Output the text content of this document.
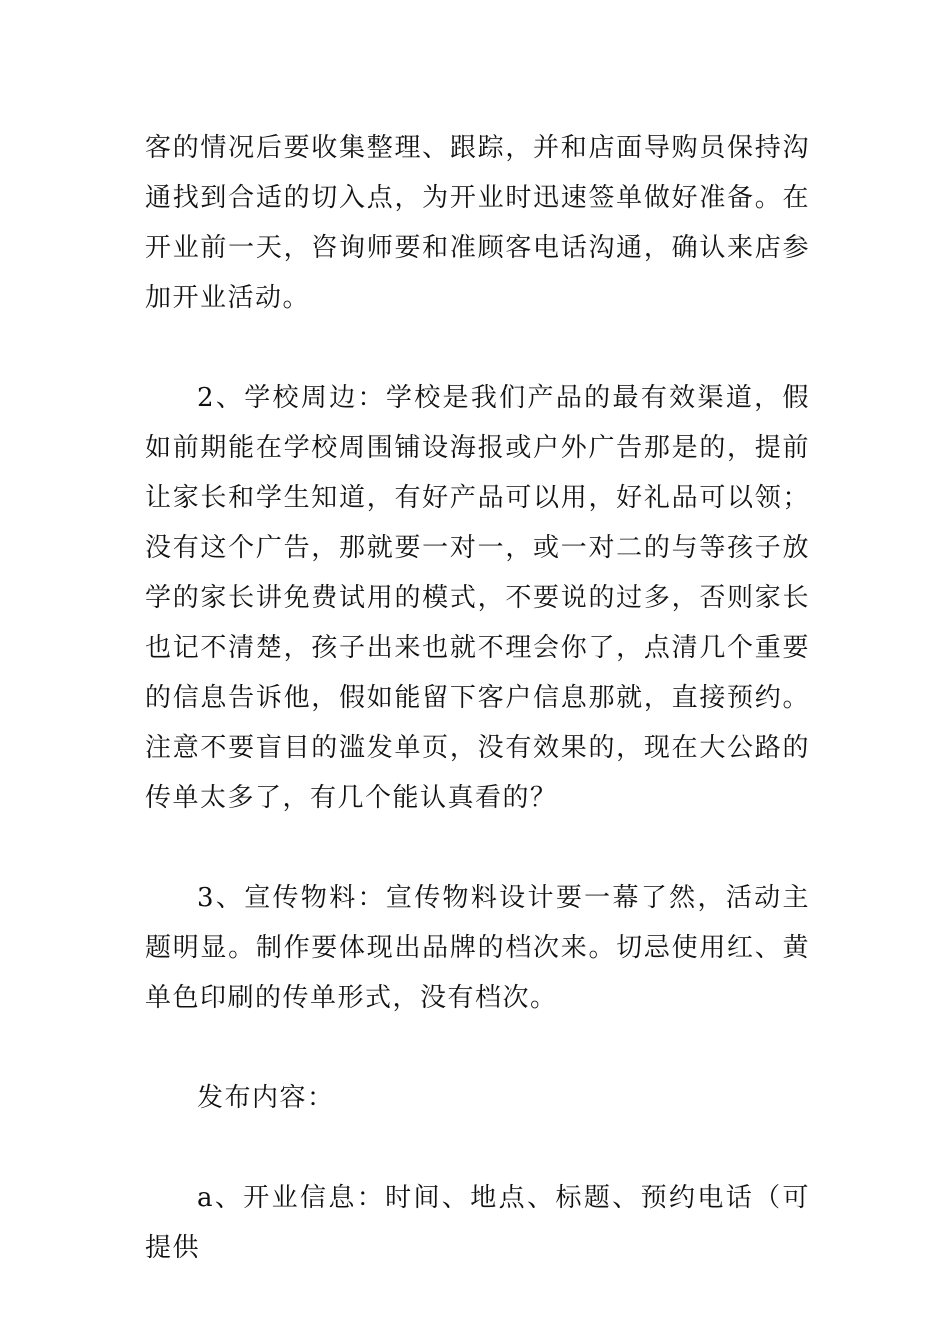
客的情况后要收集整理、跟踪，并和店面导购员保持沟通找到合适的切入点，为开业时迅速签单做好准备。在开业前一天，咨询师要和准顾客电话沟通，确认来店参加开业活动。

2、学校周边：学校是我们产品的最有效渠道，假如前期能在学校周围铺设海报或户外广告那是的，提前让家长和学生知道，有好产品可以用，好礼品可以领；没有这个广告，那就要一对一，或一对二的与等孩子放学的家长讲免费试用的模式，不要说的过多，否则家长也记不清楚，孩子出来也就不理会你了，点清几个重要的信息告诉他，假如能留下客户信息那就，直接预约。注意不要盲目的滥发单页，没有效果的，现在大公路的传单太多了，有几个能认真看的？

3、宣传物料：宣传物料设计要一幕了然，活动主题明显。制作要体现出品牌的档次来。切忌使用红、黄单色印刷的传单形式，没有档次。

发布内容：

a、开业信息：时间、地点、标题、预约电话（可提供
